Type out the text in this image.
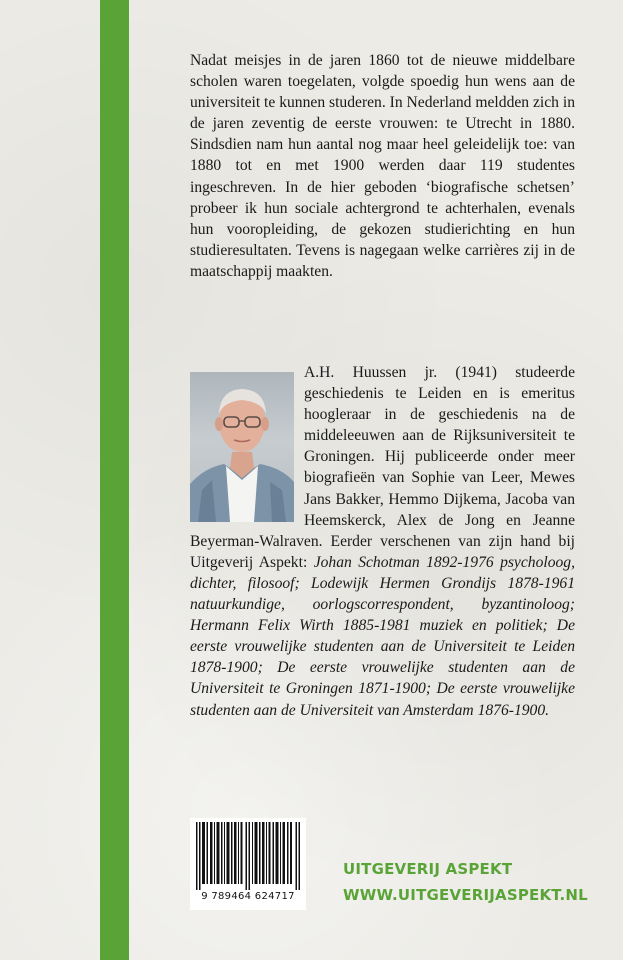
Nadat meisjes in de jaren 1860 tot de nieuwe middelbare scholen waren toegelaten, volgde spoedig hun wens aan de universiteit te kunnen studeren. In Nederland meldden zich in de jaren zeventig de eerste vrouwen: te Utrecht in 1880. Sindsdien nam hun aantal nog maar heel geleidelijk toe: van 1880 tot en met 1900 werden daar 119 studentes ingeschreven. In de hier geboden ‘biografische schetsen’ probeer ik hun sociale achtergrond te achterhalen, evenals hun vooropleiding, de gekozen studierichting en hun studieresultaten. Tevens is nagegaan welke carrières zij in de maatschappij maakten.

A.H. Huussen jr. (1941) studeerde geschiedenis te Leiden en is emeritus hoogleraar in de geschiedenis na de middeleeuwen aan de Rijksuniversiteit te Groningen. Hij publiceerde onder meer biografieën van Sophie van Leer, Mewes Jans Bakker, Hemmo Dijkema, Jacoba van Heemskerck, Alex de Jong en Jeanne Beyerman-Walraven. Eerder verschenen van zijn hand bij Uitgeverij Aspekt: Johan Schotman 1892-1976 psycholoog, dichter, filosoof; Lodewijk Hermen Grondijs 1878-1961 natuurkundige, oorlogscorrespondent, byzantinoloog; Hermann Felix Wirth 1885-1981 muziek en politiek; De eerste vrouwelijke studenten aan de Universiteit te Leiden 1878-1900; De eerste vrouwelijke studenten aan de Universiteit te Groningen 1871-1900; De eerste vrouwelijke studenten aan de Universiteit van Amsterdam 1876-1900.
9 789464 624717

UITGEVERIJ ASPEKT

WWW.UITGEVERIJASPEKT.NL
